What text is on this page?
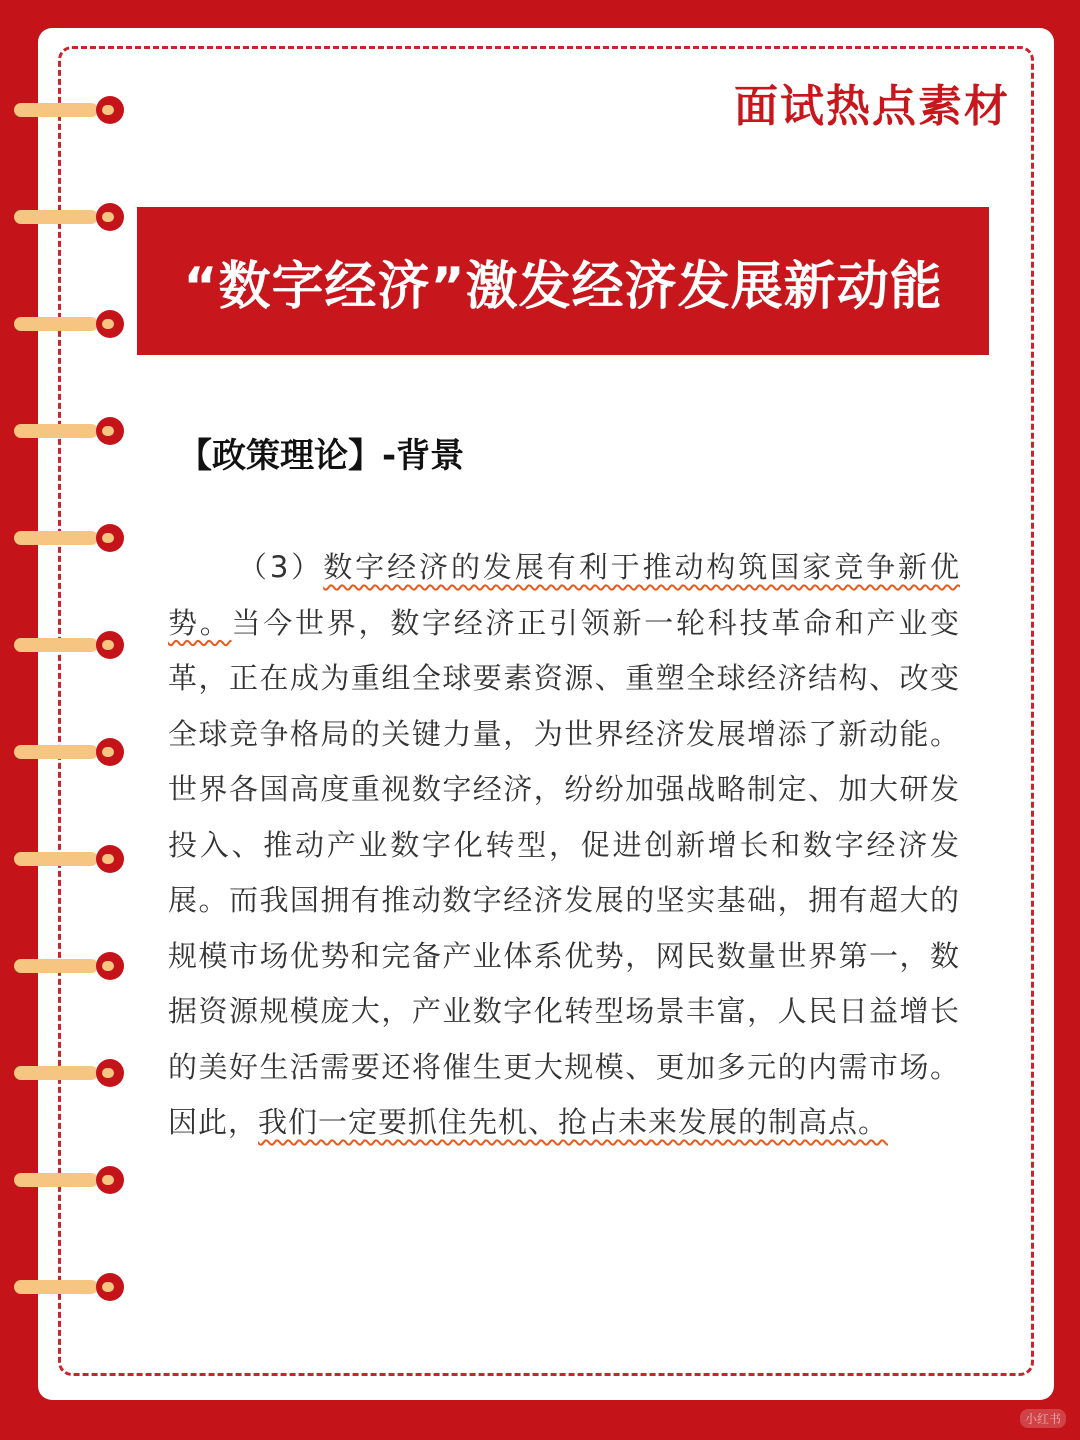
面试热点素材
“数字经济”激发经济发展新动能
【政策理论】-背景
（3）数字经济的发展有利于推动构筑国家竞争新优势。当今世界，数字经济正引领新一轮科技革命和产业变革，正在成为重组全球要素资源、重塑全球经济结构、改变全球竞争格局的关键力量，为世界经济发展增添了新动能。世界各国高度重视数字经济，纷纷加强战略制定、加大研发投入、推动产业数字化转型，促进创新增长和数字经济发展。而我国拥有推动数字经济发展的坚实基础，拥有超大的规模市场优势和完备产业体系优势，网民数量世界第一，数据资源规模庞大，产业数字化转型场景丰富，人民日益增长的美好生活需要还将催生更大规模、更加多元的内需市场。因此，我们一定要抓住先机、抢占未来发展的制高点。
小红书
